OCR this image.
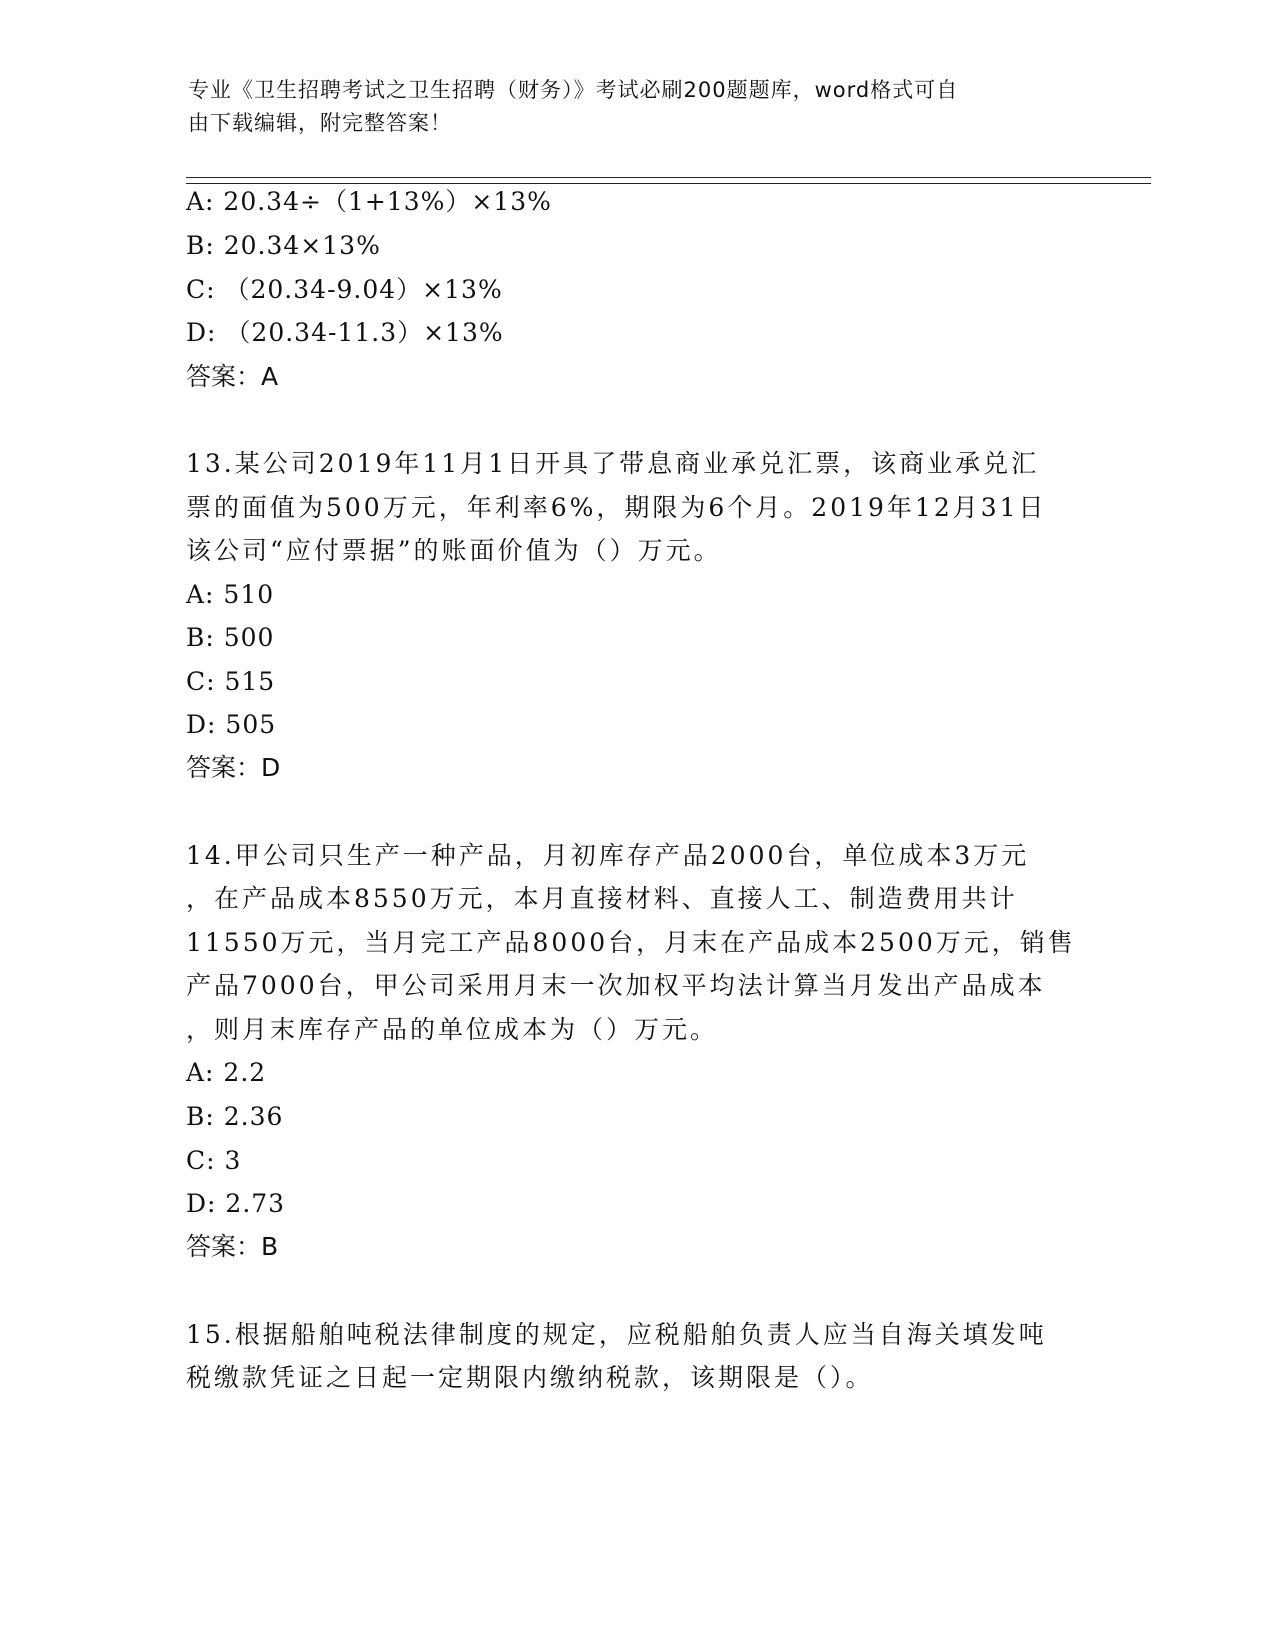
专业《卫生招聘考试之卫生招聘（财务）》考试必刷200题题库，word格式可自
由下载编辑，附完整答案！
A: 20.34÷（1+13%）×13%
B: 20.34×13%
C: （20.34-9.04）×13%
D: （20.34-11.3）×13%
答案：A
13.某公司2019年11月1日开具了带息商业承兑汇票，该商业承兑汇
票的面值为500万元，年利率6%，期限为6个月。2019年12月31日
该公司“应付票据”的账面价值为（）万元。
A: 510
B: 500
C: 515
D: 505
答案：D
14.甲公司只生产一种产品，月初库存产品2000台，单位成本3万元
，在产品成本8550万元，本月直接材料、直接人工、制造费用共计
11550万元，当月完工产品8000台，月末在产品成本2500万元，销售
产品7000台，甲公司采用月末一次加权平均法计算当月发出产品成本
，则月末库存产品的单位成本为（）万元。
A: 2.2
B: 2.36
C: 3
D: 2.73
答案：B
15.根据船舶吨税法律制度的规定，应税船舶负责人应当自海关填发吨
税缴款凭证之日起一定期限内缴纳税款，该期限是（）。
